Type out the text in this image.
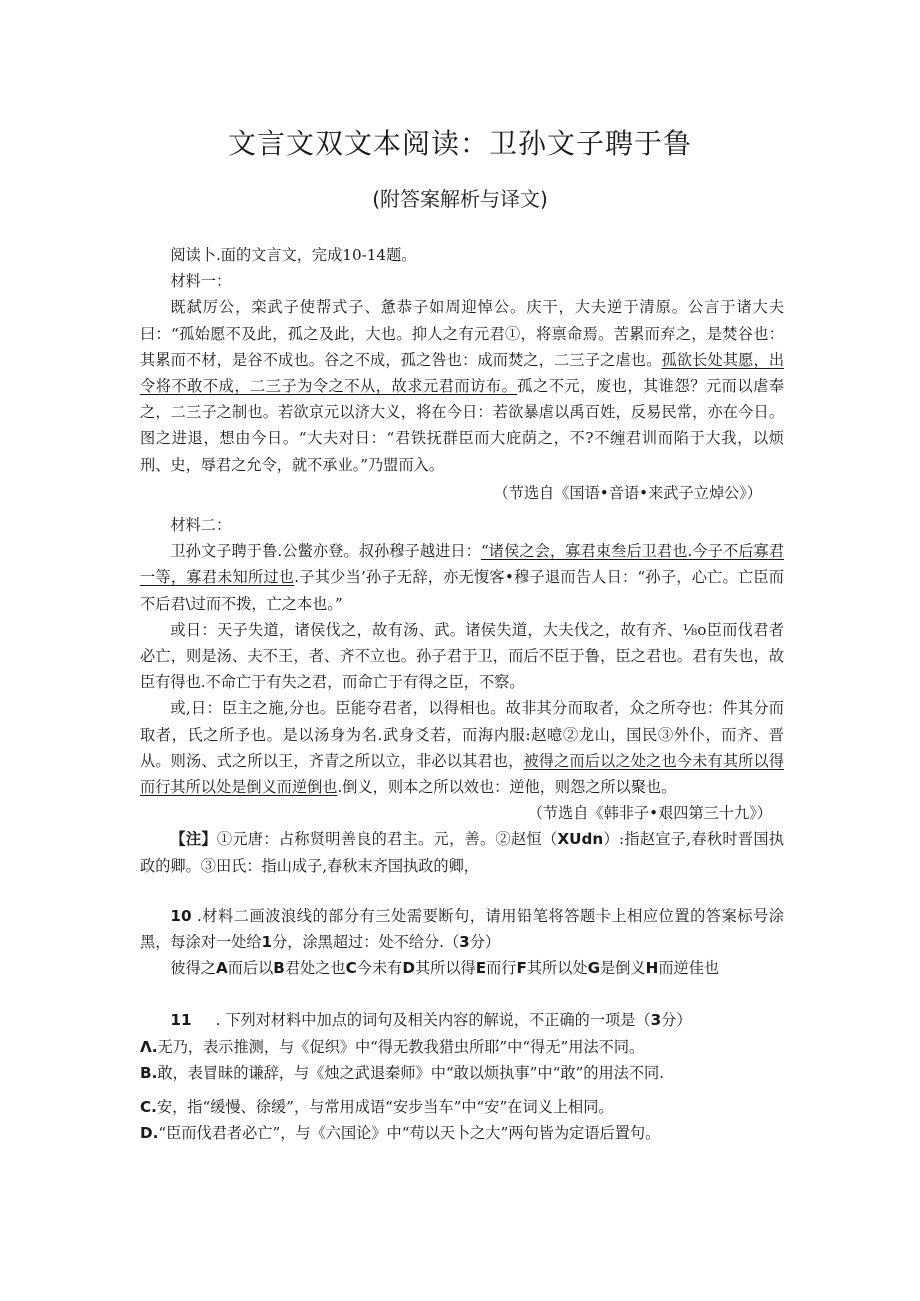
文言文双文本阅读：卫孙文子聘于鲁
(附答案解析与译文)

阅读卜.面的文言文，完成10-14题。

材料一：

既弑厉公，栾武子使帮式子、惫恭子如周迎悼公。庆干，大夫逆于清原。公言于诸大夫曰：“孤始愿不及此，孤之及此，大也。抑人之有元君①，将禀命焉。苦累而弃之，是焚谷也：其累而不材，是谷不成也。谷之不成，孤之咎也：成而焚之，二三子之虐也。孤欲长处其愿，出令将不敢不成，二三子为令之不从，故求元君而访布。孤之不元，废也，其谁怨？元而以虐奉之，二三子之制也。若欲京元以济大义，将在今日：若欲暴虐以禹百姓，反易民常，亦在今日。图之进退，想由今日。“大夫对日：“君铁抚群臣而大庇荫之，不?不缠君训而陷于大我，以烦刑、史，辱君之允令，就不承业。”乃盟而入。

（节选自《国语•音语•来武子立焯公》）

材料二：

卫孙文子聘于鲁.公鳖亦登。叔孙穆子越进日：“诸侯之会，寡君束叁后卫君也.今子不后寡君一等，寡君未知所过也.子其少当’孙子无辞，亦无愎客•穆子退而告人日：“孙子，心亡。亡臣而不后君\过而不拨，亡之本也。”

或日：天子失道，诸侯伐之，故有汤、武。诸侯失道，大夫伐之，故有齐、⅛o臣而伐君者必亡，则是汤、夫不王，者、齐不立也。孙子君于卫，而后不臣于鲁，臣之君也。君有失也，故臣有得也.不命亡于有失之君，而命亡于有得之臣，不察。

或,日：臣主之施,分也。臣能夺君者，以得相也。故非其分而取者，众之所夺也：件其分而取者，氏之所予也。是以汤身为名.武身爻若，而海内服:赵噫②龙山，国民③外仆，而齐、晋从。则汤、式之所以王，齐青之所以立，非必以其君也，被得之而后以之处之也今未有其所以得而行其所以处是倒义而逆倒也.倒义，则本之所以效也：逆他，则怨之所以聚也。

（节选自《韩非子•艰四第三十九》）

【注】①元唐：占称贤明善良的君主。元，善。②赵恒（XUdn）:指赵宣子,春秋时晋国执政的卿。③田氏：指山成子,春秋末齐国执政的卿，

10 .材料二画波浪线的部分有三处需要断句，请用铅笔将答题卡上相应位置的答案标号涂黑，每涂对一处给1分，涂黑超过：处不给分.（3分）

彼得之A而后以B君处之也C今未有D其所以得E而行F其所以处G是倒义H而逆佳也

11     . 下列对材料中加点的词句及相关内容的解说，不正确的一项是（3分）

Λ.无乃，表示推测，与《促织》中“得无教我猎虫所耶”中“得无”用法不同。

B.敢，表冒昧的谦辞，与《烛之武退秦师》中“敢以烦执事”中“敢”的用法不同.

C.安，指“缓慢、徐缓”，与常用成语“安步当车”中“安”在词义上相同。

D.“臣而伐君者必亡”，与《六国论》中“苟以天卜之大”两句皆为定语后置句。
